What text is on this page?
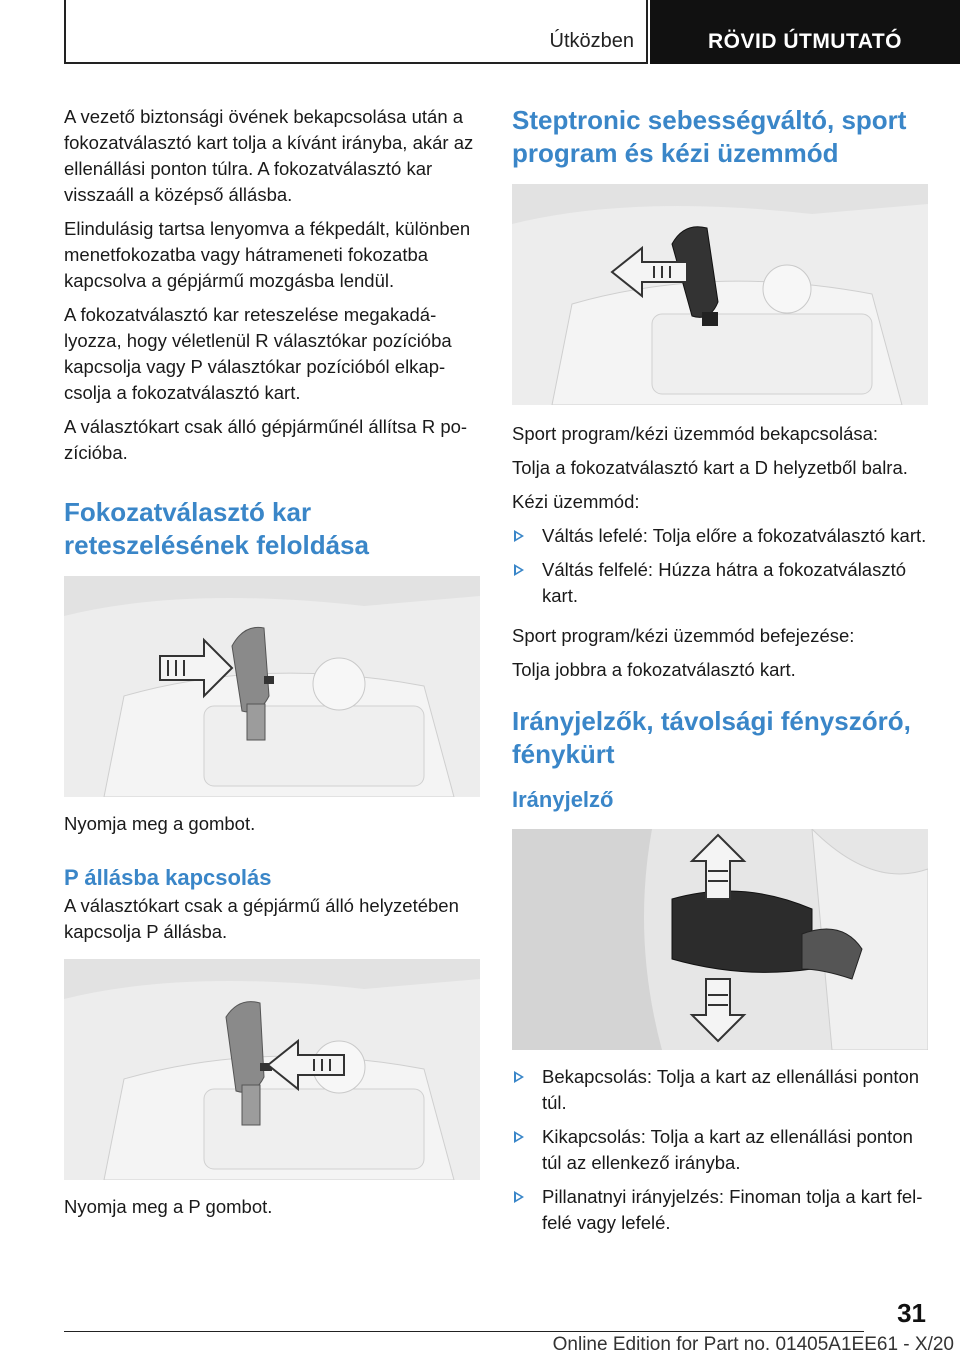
Útközben	RÖVID ÚTMUTATÓ

A vezető biztonsági övének bekapcsolása után a fokozatválasztó kart tolja a kívánt irányba, akár az ellenállási ponton túlra. A fokozatválasztó kar visszaáll a középső állásba.

Elindulásig tartsa lenyomva a fékpedált, különben menetfokozatba vagy hátrameneti fokozatba kapcsolva a gépjármű mozgásba lendül.

A fokozatválasztó kar reteszelése megakadá-lyozza, hogy véletlenül R választókar pozícióba kapcsolja vagy P választókar pozícióból elkap-csolja a fokozatválasztó kart.

A választókart csak álló gépjárműnél állítsa R po-zícióba.

Fokozatválasztó kar reteszelésének feloldása

Nyomja meg a gombot.

P állásba kapcsolás

A választókart csak a gépjármű álló helyzetében kapcsolja P állásba.

Nyomja meg a P gombot.

Steptronic sebességváltó, sport program és kézi üzemmód

Sport program/kézi üzemmód bekapcsolása:

Tolja a fokozatválasztó kart a D helyzetből balra.

Kézi üzemmód:

Váltás lefelé: Tolja előre a fokozatválasztó kart.
Váltás felfelé: Húzza hátra a fokozatválasztó kart.

Sport program/kézi üzemmód befejezése:

Tolja jobbra a fokozatválasztó kart.

Irányjelzők, távolsági fényszóró, fénykürt
Irányjelző
Bekapcsolás: Tolja a kart az ellenállási ponton túl.
Kikapcsolás: Tolja a kart az ellenállási ponton túl az ellenkező irányba.
Pillanatnyi irányjelzés: Finoman tolja a kart fel-felé vagy lefelé.
31
Online Edition for Part no. 01405A1EE61 - X/20
